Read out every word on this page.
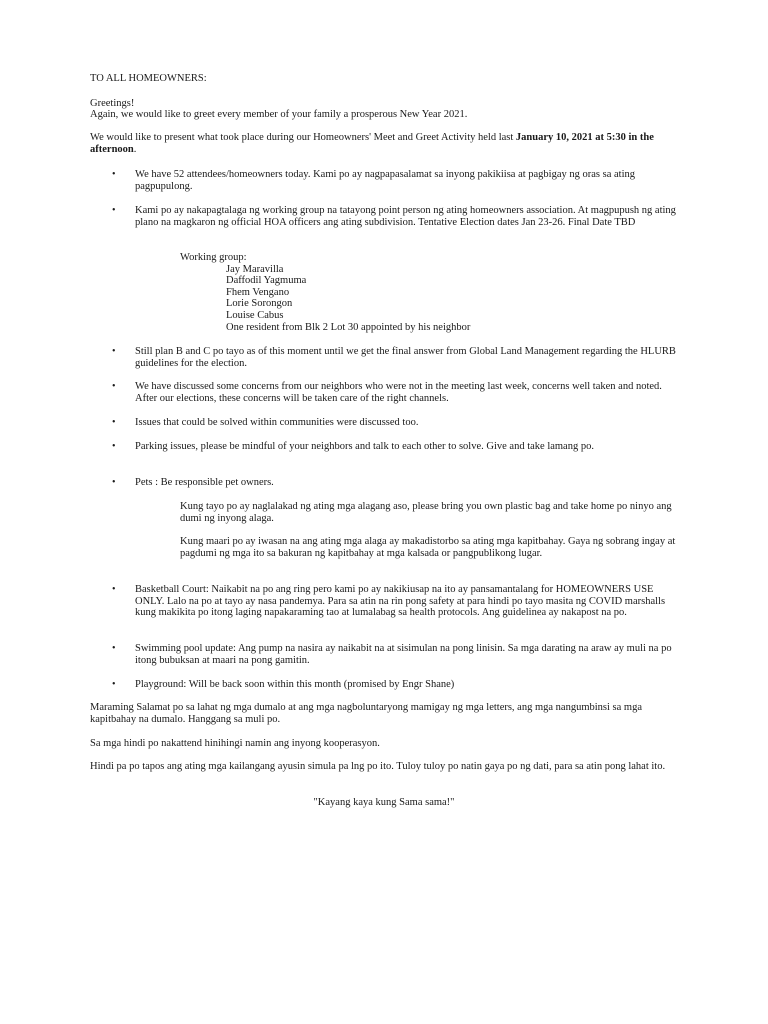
TO ALL HOMEOWNERS:
Greetings!
Again, we would like to greet every member of your family a prosperous New Year 2021.

We would like to present what took place during our Homeowners' Meet and Greet Activity held last January 10, 2021 at 5:30 in the afternoon.

•	We have 52 attendees/homeowners today. Kami po ay nagpapasalamat sa inyong pakikiisa at pagbigay ng oras sa ating pagpupulong.

•	Kami po ay nakapagtalaga ng working group na tatayong point person ng ating homeowners association. At magpupush ng ating plano na magkaron ng official HOA officers ang ating subdivision. Tentative Election dates Jan 23-26. Final Date TBD

Working group:
Jay Maravilla
Daffodil Yagmuma
Fhem Vengano
Lorie Sorongon
Louise Cabus
One resident from Blk 2 Lot 30 appointed by his neighbor
•	Still plan B and C po tayo as of this moment until we get the final answer from Global Land Management regarding the HLURB guidelines for the election.

•	We have discussed some concerns from our neighbors who were not in the meeting last week, concerns well taken and noted. After our elections, these concerns will be taken care of the right channels.

•	Issues that could be solved within communities were discussed too.

•	Parking issues, please be mindful of your neighbors and talk to each other to solve. Give and take lamang po.

•	Pets : Be responsible pet owners.

Kung tayo po ay naglalakad ng ating mga alagang aso, please bring you own plastic bag and take home po ninyo ang dumi ng inyong alaga.

Kung maari po ay iwasan na ang ating mga alaga ay makadistorbo sa ating mga kapitbahay. Gaya ng sobrang ingay at pagdumi ng mga ito sa bakuran ng kapitbahay at mga kalsada or pangpublikong lugar.

•	Basketball Court: Naikabit na po ang ring pero kami po ay nakikiusap na ito ay pansamantalang for HOMEOWNERS USE ONLY. Lalo na po at tayo ay nasa pandemya. Para sa atin na rin pong safety at para hindi po tayo masita ng COVID marshalls kung makikita po itong laging napakaraming tao at lumalabag sa health protocols. Ang guidelinea ay nakapost na po.

•	Swimming pool update: Ang pump na nasira ay naikabit na at sisimulan na pong linisin. Sa mga darating na araw ay muli na po itong bubuksan at maari na pong gamitin.

•	Playground: Will be back soon within this month (promised by Engr Shane)

Maraming Salamat po sa lahat ng mga dumalo at ang mga nagboluntaryong mamigay ng mga letters, ang mga nangumbinsi sa mga kapitbahay na dumalo. Hanggang sa muli po.

Sa mga hindi po nakattend hinihingi namin ang inyong kooperasyon.

Hindi pa po tapos ang ating mga kailangang ayusin simula pa lng po ito. Tuloy tuloy po natin gaya po ng dati, para sa atin pong lahat ito.

"Kayang kaya kung Sama sama!"
